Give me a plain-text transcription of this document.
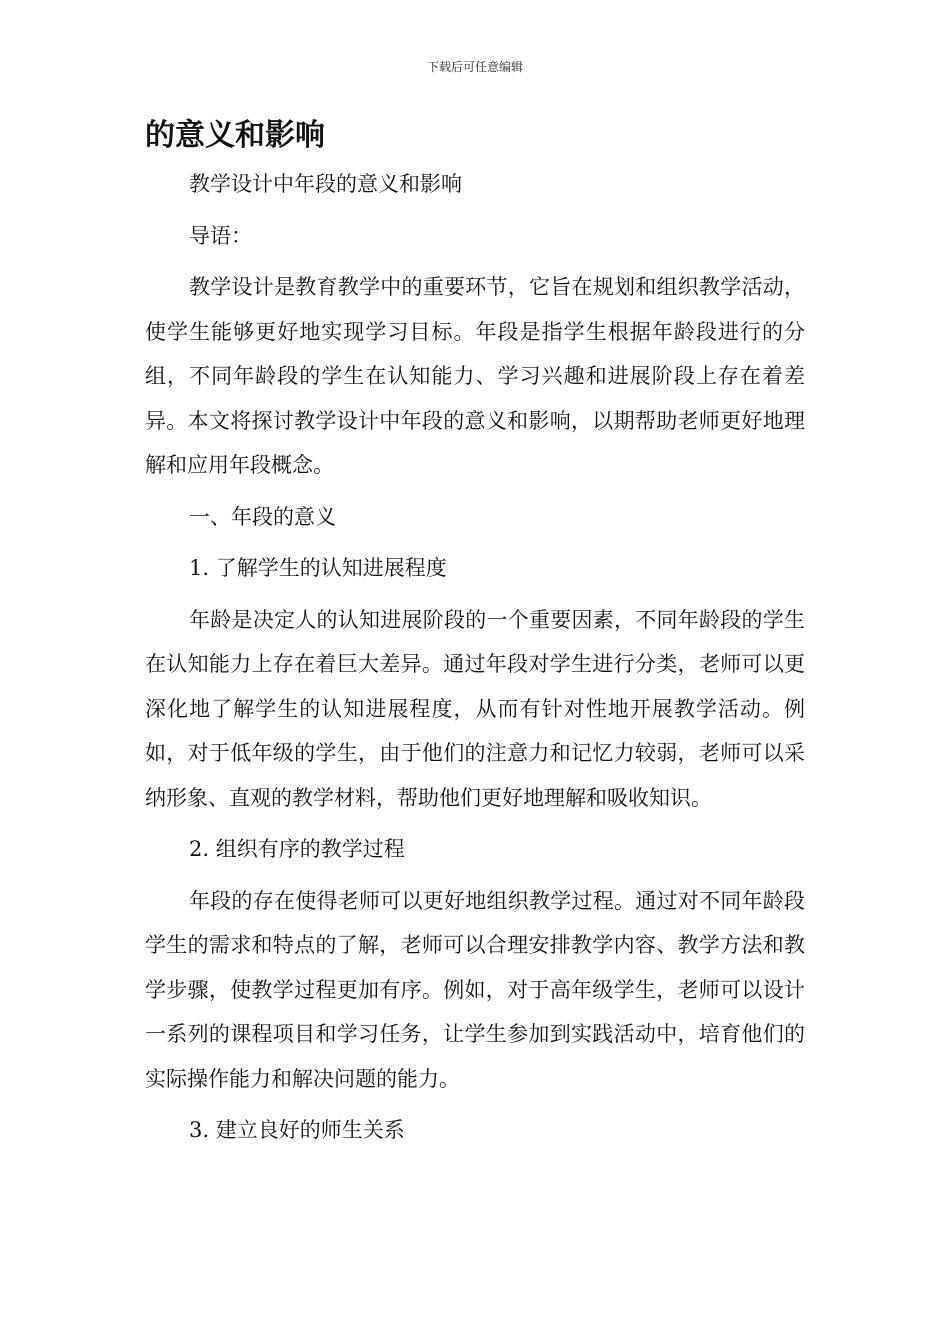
下载后可任意编辑
的意义和影响

教学设计中年段的意义和影响

导语：

教学设计是教育教学中的重要环节，它旨在规划和组织教学活动，使学生能够更好地实现学习目标。年段是指学生根据年龄段进行的分组，不同年龄段的学生在认知能力、学习兴趣和进展阶段上存在着差异。本文将探讨教学设计中年段的意义和影响，以期帮助老师更好地理解和应用年段概念。

一、年段的意义

1. 了解学生的认知进展程度

年龄是决定人的认知进展阶段的一个重要因素，不同年龄段的学生在认知能力上存在着巨大差异。通过年段对学生进行分类，老师可以更深化地了解学生的认知进展程度，从而有针对性地开展教学活动。例如，对于低年级的学生，由于他们的注意力和记忆力较弱，老师可以采纳形象、直观的教学材料，帮助他们更好地理解和吸收知识。

2. 组织有序的教学过程

年段的存在使得老师可以更好地组织教学过程。通过对不同年龄段学生的需求和特点的了解，老师可以合理安排教学内容、教学方法和教学步骤，使教学过程更加有序。例如，对于高年级学生，老师可以设计一系列的课程项目和学习任务，让学生参加到实践活动中，培育他们的实际操作能力和解决问题的能力。

3. 建立良好的师生关系
